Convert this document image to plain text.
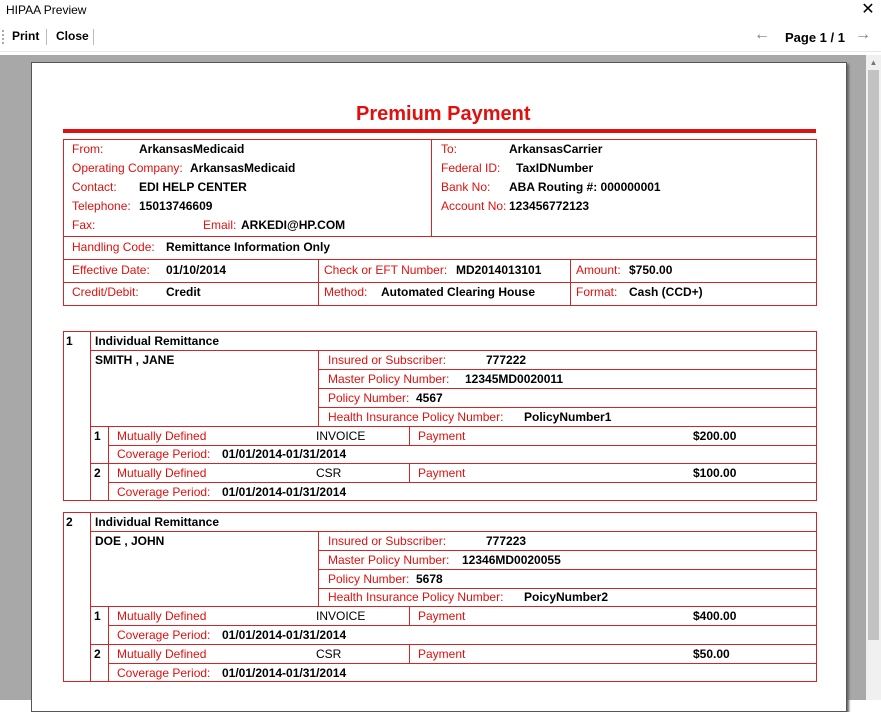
HIPAA Preview	✕
Print Close	← Page 1 / 1 →
▲
Premium Payment
From:	ArkansasMedicaid
Operating Company: ArkansasMedicaid
Contact: EDI HELP CENTER
Telephone: 15013746609
Fax:	Email: ARKEDI@HP.COM
To:	ArkansasCarrier
Federal ID: TaxIDNumber
Bank No: ABA Routing #: 000000001
Account No: 123456772123
Handling Code: Remittance Information Only
Effective Date: 01/10/2014	Check or EFT Number: MD2014013101	Amount: $750.00
Credit/Debit: Credit	Method: Automated Clearing House	Format: Cash (CCD+)
1 Individual Remittance
SMITH , JANE	Insured or Subscriber:	777222
Master Policy Number: 12345MD0020011
Policy Number: 4567
Health Insurance Policy Number: PolicyNumber1
1 Mutually Defined	INVOICE	Payment	$200.00
Coverage Period: 01/01/2014-01/31/2014
2 Mutually Defined	CSR	Payment	$100.00
Coverage Period: 01/01/2014-01/31/2014
2 Individual Remittance
DOE , JOHN	Insured or Subscriber:	777223
Master Policy Number: 12346MD0020055
Policy Number: 5678
Health Insurance Policy Number: PoicyNumber2
1 Mutually Defined	INVOICE	Payment	$400.00
Coverage Period: 01/01/2014-01/31/2014
2 Mutually Defined	CSR	Payment	$50.00
Coverage Period: 01/01/2014-01/31/2014
